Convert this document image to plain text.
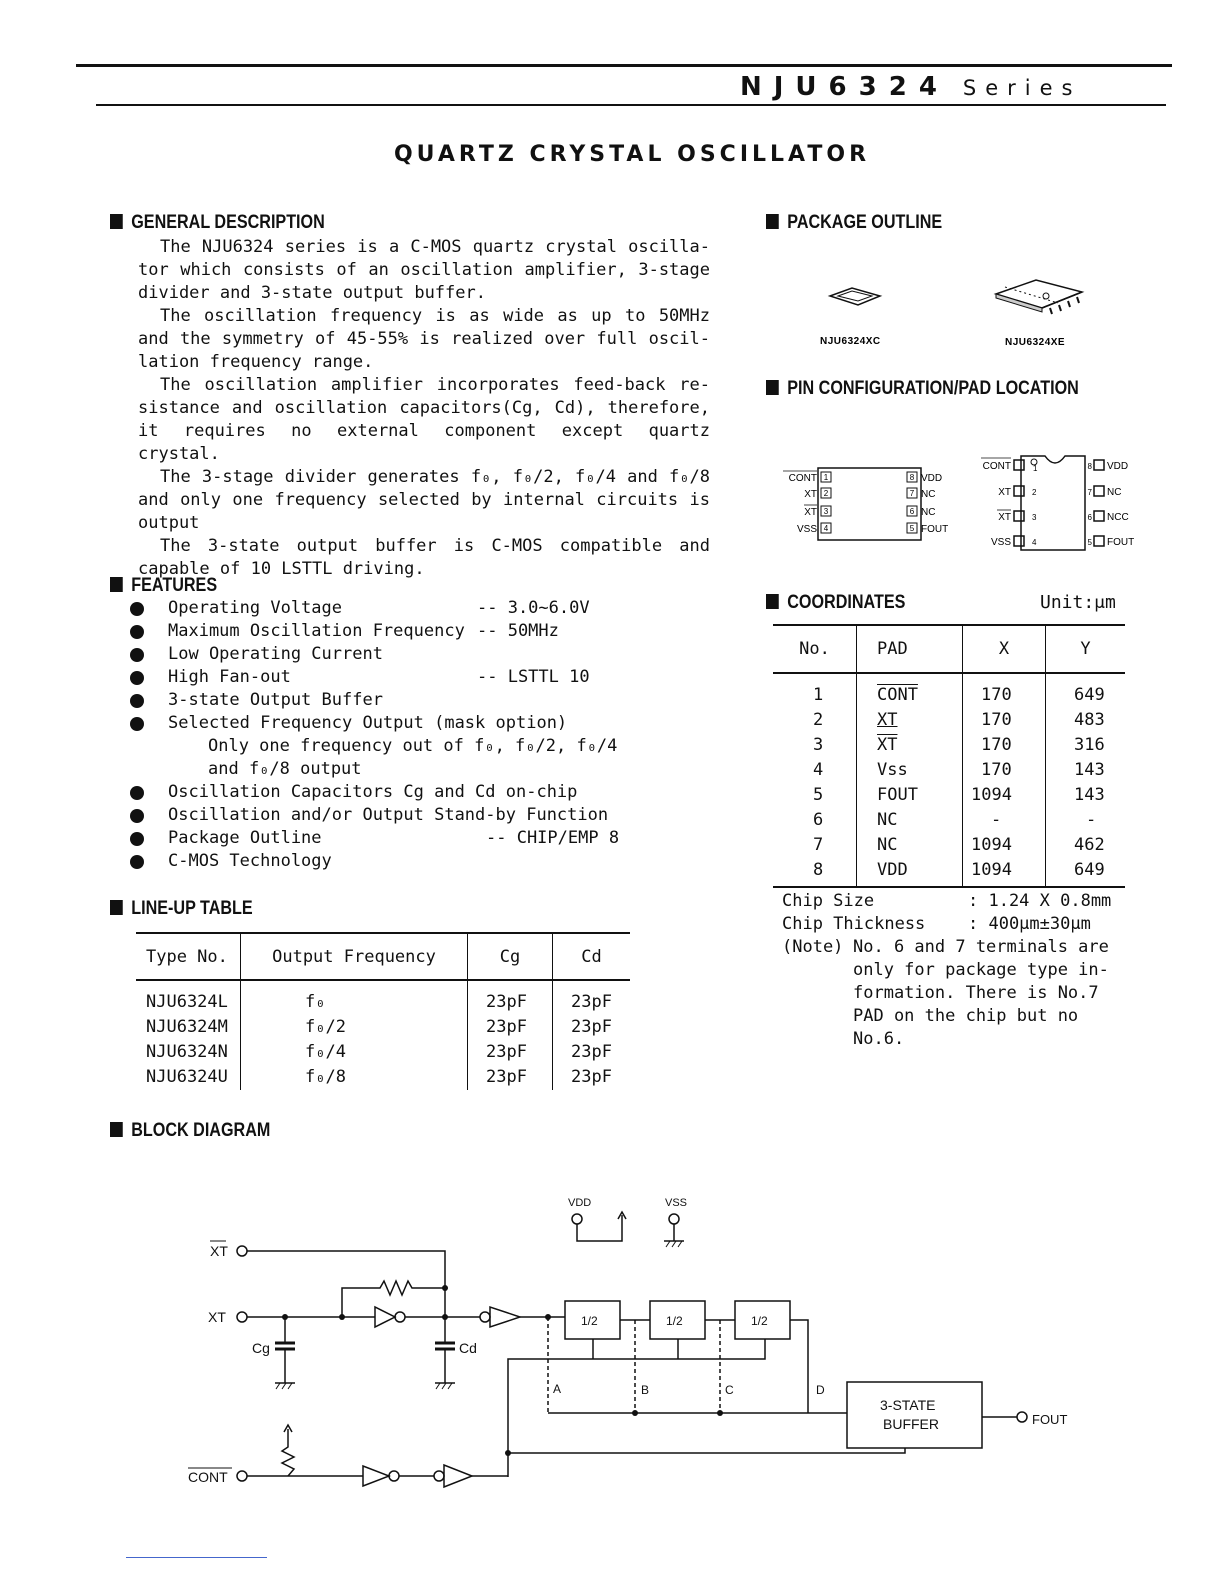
NJU6324 Series
QUARTZ CRYSTAL OSCILLATOR
GENERAL DESCRIPTION

The NJU6324 series is a C-MOS quartz crystal oscilla-tor which consists of an oscillation amplifier, 3-stage divider and 3-state output buffer.

The oscillation frequency is as wide as up to 50MHz and the symmetry of 45-55% is realized over full oscil-lation frequency range.

The oscillation amplifier incorporates feed-back re-sistance and oscillation capacitors(Cg, Cd), therefore, it requires no external component except quartz crystal.

The 3-stage divider generates f₀, f₀/2, f₀/4 and f₀/8 and only one frequency selected by internal circuits is output

The 3-state output buffer is C-MOS compatible and capable of 10 LSTTL driving.

FEATURES
Operating Voltage	-- 3.0~6.0V
Maximum Oscillation Frequency -- 50MHz
Low Operating Current
High Fan-out	-- LSTTL 10
3-state Output Buffer
Selected Frequency Output (mask option)
Only one frequency out of f₀, f₀/2, f₀/4
and f₀/8 output
Oscillation Capacitors Cg and Cd on-chip
Oscillation and/or Output Stand-by Function
Package Outline	-- CHIP/EMP 8
C-MOS Technology
LINE-UP TABLE
Type No.	Output Frequency	Cg	Cd
NJU6324L	f₀	23pF	23pF
NJU6324M	f₀/2	23pF	23pF
NJU6324N	f₀/4	23pF	23pF
NJU6324U	f₀/8	23pF	23pF
PACKAGE OUTLINE
NJU6324XC	NJU6324XE
PIN CONFIGURATION/PAD LOCATION
1
2
3
4
8
7
6
5
CONT
XT
XT
VSS
VDD
NC
NC
FOUT
1
2
3
4
8
7
6
5
CONT
XT
XT
VSS
VDD
NC
NCC
FOUT
COORDINATES	Unit:μm
No.	PAD	X	Y
1	CONT	170	649
2	XT	170	483
3	$\overline{XT}$	170	316
4	Vss	170	143
5	FOUT	1094	143
6	NC	-	-
7	NC	1094	462
8	VDD	1094	649
Chip Size	: 1.24 X 0.8mm
Chip Thickness	: 400μm±30μm
(Note) No. 6 and 7 terminals are
only for package type in-
formation. There is No.7
PAD on the chip but no
No.6.
BLOCK DIAGRAM
VDD	VSS
XT
XT
Cg	Cd
1/2	1/2	1/2
A	B	C	D
3-STATE
BUFFER	FOUT
CONT
